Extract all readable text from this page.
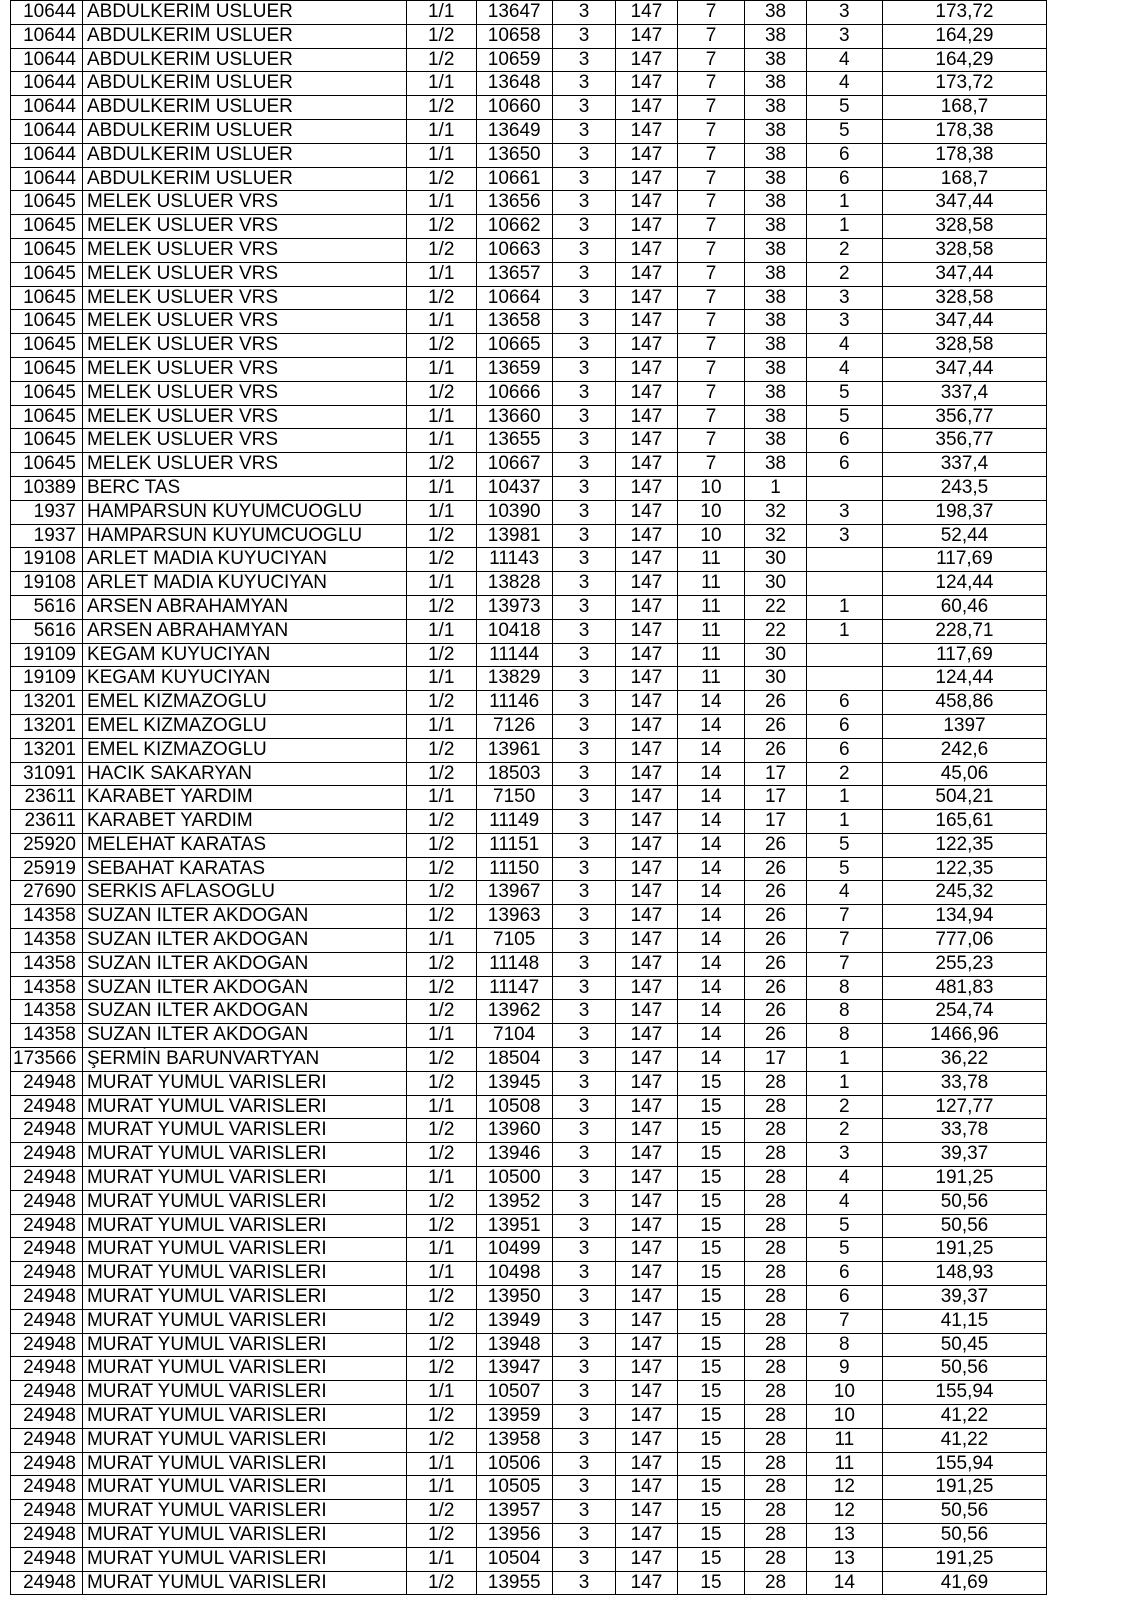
10644	ABDULKERIM USLUER	1/1	13647	3	147	7	38	3	173,72
10644	ABDULKERIM USLUER	1/2	10658	3	147	7	38	3	164,29
10644	ABDULKERIM USLUER	1/2	10659	3	147	7	38	4	164,29
10644	ABDULKERIM USLUER	1/1	13648	3	147	7	38	4	173,72
10644	ABDULKERIM USLUER	1/2	10660	3	147	7	38	5	168,7
10644	ABDULKERIM USLUER	1/1	13649	3	147	7	38	5	178,38
10644	ABDULKERIM USLUER	1/1	13650	3	147	7	38	6	178,38
10644	ABDULKERIM USLUER	1/2	10661	3	147	7	38	6	168,7
10645	MELEK USLUER VRS	1/1	13656	3	147	7	38	1	347,44
10645	MELEK USLUER VRS	1/2	10662	3	147	7	38	1	328,58
10645	MELEK USLUER VRS	1/2	10663	3	147	7	38	2	328,58
10645	MELEK USLUER VRS	1/1	13657	3	147	7	38	2	347,44
10645	MELEK USLUER VRS	1/2	10664	3	147	7	38	3	328,58
10645	MELEK USLUER VRS	1/1	13658	3	147	7	38	3	347,44
10645	MELEK USLUER VRS	1/2	10665	3	147	7	38	4	328,58
10645	MELEK USLUER VRS	1/1	13659	3	147	7	38	4	347,44
10645	MELEK USLUER VRS	1/2	10666	3	147	7	38	5	337,4
10645	MELEK USLUER VRS	1/1	13660	3	147	7	38	5	356,77
10645	MELEK USLUER VRS	1/1	13655	3	147	7	38	6	356,77
10645	MELEK USLUER VRS	1/2	10667	3	147	7	38	6	337,4
10389	BERC TAS	1/1	10437	3	147	10	1		243,5
1937	HAMPARSUN KUYUMCUOGLU	1/1	10390	3	147	10	32	3	198,37
1937	HAMPARSUN KUYUMCUOGLU	1/2	13981	3	147	10	32	3	52,44
19108	ARLET MADIA KUYUCIYAN	1/2	11143	3	147	11	30		117,69
19108	ARLET MADIA KUYUCIYAN	1/1	13828	3	147	11	30		124,44
5616	ARSEN ABRAHAMYAN	1/2	13973	3	147	11	22	1	60,46
5616	ARSEN ABRAHAMYAN	1/1	10418	3	147	11	22	1	228,71
19109	KEGAM KUYUCIYAN	1/2	11144	3	147	11	30		117,69
19109	KEGAM KUYUCIYAN	1/1	13829	3	147	11	30		124,44
13201	EMEL KIZMAZOGLU	1/2	11146	3	147	14	26	6	458,86
13201	EMEL KIZMAZOGLU	1/1	7126	3	147	14	26	6	1397
13201	EMEL KIZMAZOGLU	1/2	13961	3	147	14	26	6	242,6
31091	HACIK SAKARYAN	1/2	18503	3	147	14	17	2	45,06
23611	KARABET YARDIM	1/1	7150	3	147	14	17	1	504,21
23611	KARABET YARDIM	1/2	11149	3	147	14	17	1	165,61
25920	MELEHAT KARATAS	1/2	11151	3	147	14	26	5	122,35
25919	SEBAHAT KARATAS	1/2	11150	3	147	14	26	5	122,35
27690	SERKIS AFLASOGLU	1/2	13967	3	147	14	26	4	245,32
14358	SUZAN ILTER AKDOGAN	1/2	13963	3	147	14	26	7	134,94
14358	SUZAN ILTER AKDOGAN	1/1	7105	3	147	14	26	7	777,06
14358	SUZAN ILTER AKDOGAN	1/2	11148	3	147	14	26	7	255,23
14358	SUZAN ILTER AKDOGAN	1/2	11147	3	147	14	26	8	481,83
14358	SUZAN ILTER AKDOGAN	1/2	13962	3	147	14	26	8	254,74
14358	SUZAN ILTER AKDOGAN	1/1	7104	3	147	14	26	8	1466,96
173566	ŞERMİN BARUNVARTYAN	1/2	18504	3	147	14	17	1	36,22
24948	MURAT YUMUL VARISLERI	1/2	13945	3	147	15	28	1	33,78
24948	MURAT YUMUL VARISLERI	1/1	10508	3	147	15	28	2	127,77
24948	MURAT YUMUL VARISLERI	1/2	13960	3	147	15	28	2	33,78
24948	MURAT YUMUL VARISLERI	1/2	13946	3	147	15	28	3	39,37
24948	MURAT YUMUL VARISLERI	1/1	10500	3	147	15	28	4	191,25
24948	MURAT YUMUL VARISLERI	1/2	13952	3	147	15	28	4	50,56
24948	MURAT YUMUL VARISLERI	1/2	13951	3	147	15	28	5	50,56
24948	MURAT YUMUL VARISLERI	1/1	10499	3	147	15	28	5	191,25
24948	MURAT YUMUL VARISLERI	1/1	10498	3	147	15	28	6	148,93
24948	MURAT YUMUL VARISLERI	1/2	13950	3	147	15	28	6	39,37
24948	MURAT YUMUL VARISLERI	1/2	13949	3	147	15	28	7	41,15
24948	MURAT YUMUL VARISLERI	1/2	13948	3	147	15	28	8	50,45
24948	MURAT YUMUL VARISLERI	1/2	13947	3	147	15	28	9	50,56
24948	MURAT YUMUL VARISLERI	1/1	10507	3	147	15	28	10	155,94
24948	MURAT YUMUL VARISLERI	1/2	13959	3	147	15	28	10	41,22
24948	MURAT YUMUL VARISLERI	1/2	13958	3	147	15	28	11	41,22
24948	MURAT YUMUL VARISLERI	1/1	10506	3	147	15	28	11	155,94
24948	MURAT YUMUL VARISLERI	1/1	10505	3	147	15	28	12	191,25
24948	MURAT YUMUL VARISLERI	1/2	13957	3	147	15	28	12	50,56
24948	MURAT YUMUL VARISLERI	1/2	13956	3	147	15	28	13	50,56
24948	MURAT YUMUL VARISLERI	1/1	10504	3	147	15	28	13	191,25
24948	MURAT YUMUL VARISLERI	1/2	13955	3	147	15	28	14	41,69
